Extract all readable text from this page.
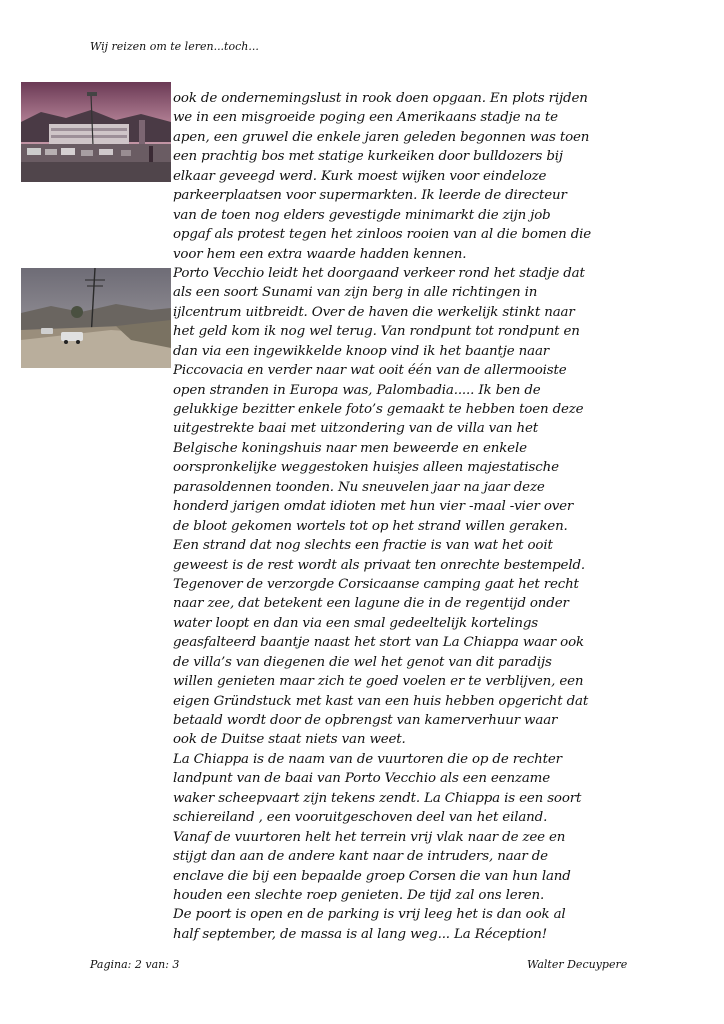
Wij reizen om te leren...toch...
ook de ondernemingslust in rook doen opgaan. En plots rijden
we in een misgroeide poging een Amerikaans stadje na te
apen, een gruwel die enkele jaren geleden begonnen was toen
een prachtig bos met statige kurkeiken door bulldozers bij
elkaar geveegd werd. Kurk moest wijken voor eindeloze
parkeerplaatsen voor supermarkten. Ik leerde de directeur
van de toen nog elders gevestigde minimarkt die zijn job
opgaf als protest tegen het zinloos rooien van al die bomen die
voor hem een extra waarde hadden kennen.
Porto Vecchio leidt het doorgaand verkeer rond het stadje dat
als een soort Sunami van zijn berg in alle richtingen in
ijlcentrum uitbreidt. Over de haven die werkelijk stinkt naar
het geld kom ik nog wel terug. Van rondpunt tot rondpunt en
dan via een ingewikkelde knoop vind ik het baantje naar
Piccovacia en verder naar wat ooit één van de allermooiste
open stranden in Europa was, Palombadia..... Ik ben de
gelukkige bezitter enkele foto’s gemaakt te hebben toen deze
uitgestrekte baai met uitzondering van de villa van het
Belgische koningshuis naar men beweerde en enkele
oorspronkelijke weggestoken huisjes alleen majestatische
parasoldennen toonden. Nu sneuvelen jaar na jaar deze
honderd jarigen omdat idioten met hun vier -maal -vier over
de bloot gekomen wortels tot op het strand willen geraken.
Een strand dat nog slechts een fractie is van wat het ooit
geweest is de rest wordt als privaat ten onrechte bestempeld.
Tegenover de verzorgde Corsicaanse camping gaat het recht
naar zee, dat betekent een lagune die in de regentijd onder
water loopt en dan via een smal gedeeltelijk kortelings
geasfalteerd baantje naast het stort van La Chiappa waar ook
de villa’s van diegenen die wel het genot van dit paradijs
willen genieten maar zich te goed voelen er te verblijven, een
eigen Gründstuck met kast van een huis hebben opgericht dat
betaald wordt door de opbrengst van kamerverhuur waar
ook de Duitse staat niets van weet.
La Chiappa is de naam van de vuurtoren die op de rechter
landpunt van de baai van Porto Vecchio als een eenzame
waker scheepvaart zijn tekens zendt. La Chiappa is een soort
schiereiland , een vooruitgeschoven deel van het eiland.
Vanaf de vuurtoren helt het terrein vrij vlak naar de zee en
stijgt dan aan de andere kant naar de intruders, naar de
enclave die bij een bepaalde groep Corsen die van hun land
houden een slechte roep genieten. De tijd zal ons leren.
De poort is open en de parking is vrij leeg het is dan ook al
half september, de massa is al lang weg... La Réception!
Pagina: 2 van: 3	Walter Decuypere
